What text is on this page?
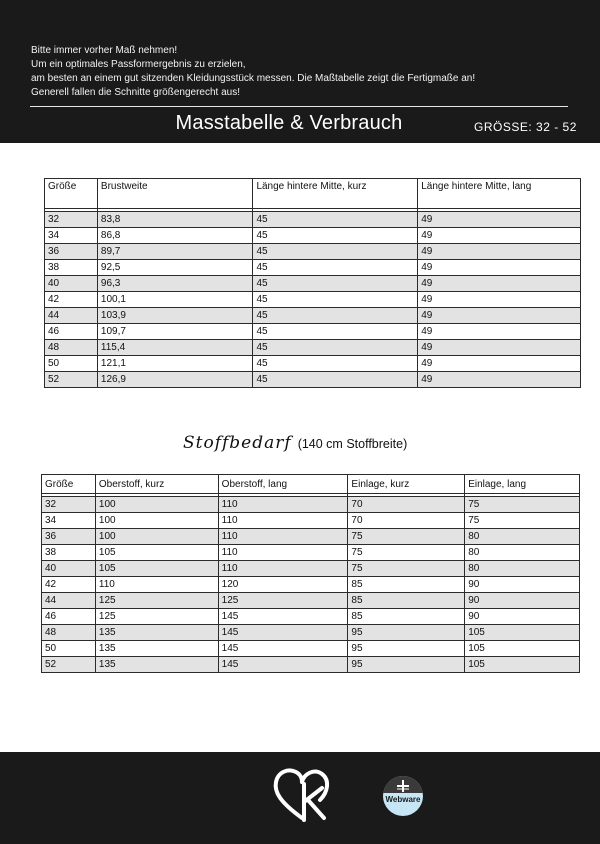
Bitte immer vorher Maß nehmen!
Um ein optimales Passformergebnis zu erzielen,
am besten an einem gut sitzenden Kleidungsstück messen. Die Maßtabelle zeigt die Fertigmaße an!
Generell fallen die Schnitte größengerecht aus!
Masstabelle & Verbrauch	GRÖSSE: 32 - 52
Größe	Brustweite	Länge hintere Mitte, kurz	Länge hintere Mitte, lang

32	83,8	45	49
34	86,8	45	49
36	89,7	45	49
38	92,5	45	49
40	96,3	45	49
42	100,1	45	49
44	103,9	45	49
46	109,7	45	49
48	115,4	45	49
50	121,1	45	49
52	126,9	45	49
Stoffbedarf (140 cm Stoffbreite)
Größe	Oberstoff, kurz	Oberstoff, lang	Einlage, kurz	Einlage, lang

32	100	110	70	75
34	100	110	70	75
36	100	110	75	80
38	105	110	75	80
40	105	110	75	80
42	110	120	85	90
44	125	125	85	90
46	125	145	85	90
48	135	145	95	105
50	135	145	95	105
52	135	145	95	105
Webware
